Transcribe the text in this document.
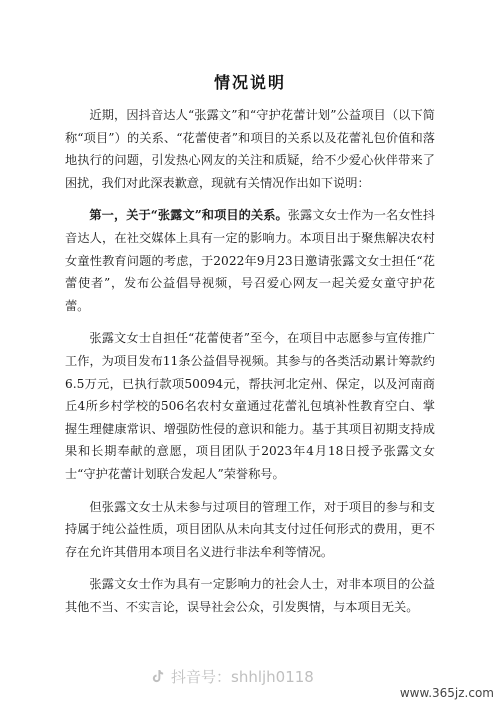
情况说明

近期，因抖音达人“张露文”和“守护花蕾计划”公益项目（以下简称“项目”）的关系、“花蕾使者”和项目的关系以及花蕾礼包价值和落地执行的问题，引发热心网友的关注和质疑，给不少爱心伙伴带来了困扰，我们对此深表歉意，现就有关情况作出如下说明：

第一，关于“张露文”和项目的关系。张露文女士作为一名女性抖音达人，在社交媒体上具有一定的影响力。本项目出于聚焦解决农村女童性教育问题的考虑，于2022年9月23日邀请张露文女士担任“花蕾使者”，发布公益倡导视频，号召爱心网友一起关爱女童守护花蕾。

张露文女士自担任“花蕾使者”至今，在项目中志愿参与宣传推广工作，为项目发布11条公益倡导视频。其参与的各类活动累计筹款约6.5万元，已执行款项50094元，帮扶河北定州、保定，以及河南商丘4所乡村学校的506名农村女童通过花蕾礼包填补性教育空白、掌握生理健康常识、增强防性侵的意识和能力。基于其项目初期支持成果和长期奉献的意愿，项目团队于2023年4月18日授予张露文女士“守护花蕾计划联合发起人”荣誉称号。

但张露文女士从未参与过项目的管理工作，对于项目的参与和支持属于纯公益性质，项目团队从未向其支付过任何形式的费用，更不存在允许其借用本项目名义进行非法牟利等情况。

张露文女士作为具有一定影响力的社会人士，对非本项目的公益其他不当、不实言论，误导社会公众，引发舆情，与本项目无关。

抖音号：shhljh0118
www.365jz.com
